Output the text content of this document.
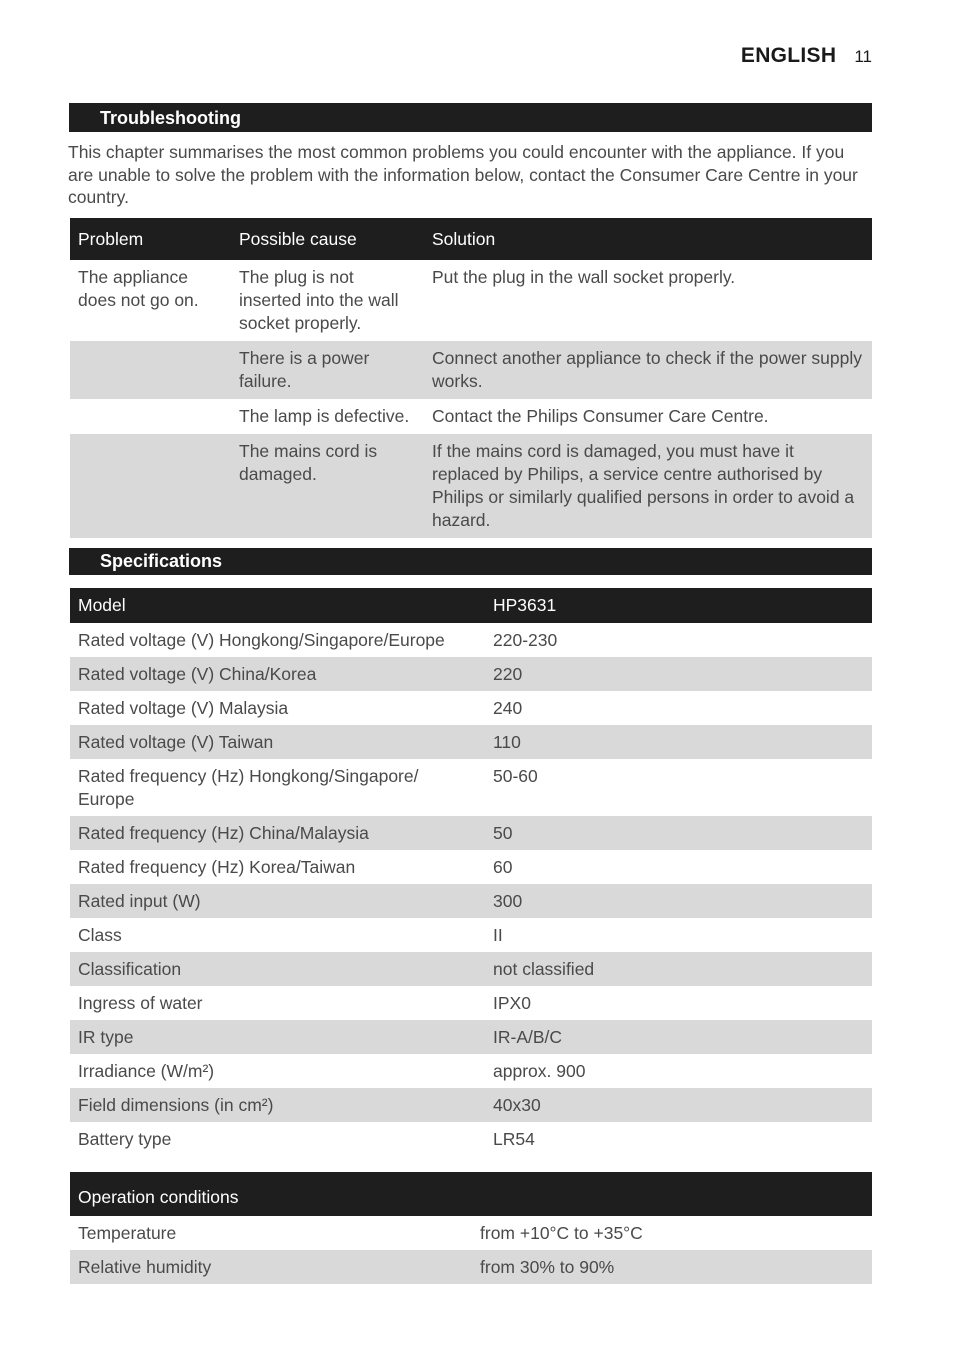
ENGLISH 11
Troubleshooting
This chapter summarises the most common problems you could encounter with the appliance. If you are unable to solve the problem with the information below, contact the Consumer Care Centre in your country.
Problem	Possible cause	Solution
The appliance does not go on.	The plug is not inserted into the wall socket properly.	Put the plug in the wall socket properly.
	There is a power failure.	Connect another appliance to check if the power supply works.
	The lamp is defective.	Contact the Philips Consumer Care Centre.
	The mains cord is damaged.	If the mains cord is damaged, you must have it replaced by Philips, a service centre authorised by Philips or similarly qualified persons in order to avoid a hazard.
Specifications
Model	HP3631
Rated voltage (V) Hongkong/Singapore/Europe	220-230
Rated voltage (V) China/Korea	220
Rated voltage (V) Malaysia	240
Rated voltage (V) Taiwan	110
Rated frequency (Hz) Hongkong/Singapore/ Europe	50-60
Rated frequency (Hz) China/Malaysia	50
Rated frequency (Hz) Korea/Taiwan	60
Rated input (W)	300
Class	II
Classification	not classified
Ingress of water	IPX0
IR type	IR-A/B/C
Irradiance (W/m²)	approx. 900
Field dimensions (in cm²)	40x30
Battery type	LR54
Operation conditions	
Temperature	from +10°C to +35°C
Relative humidity	from 30% to 90%
